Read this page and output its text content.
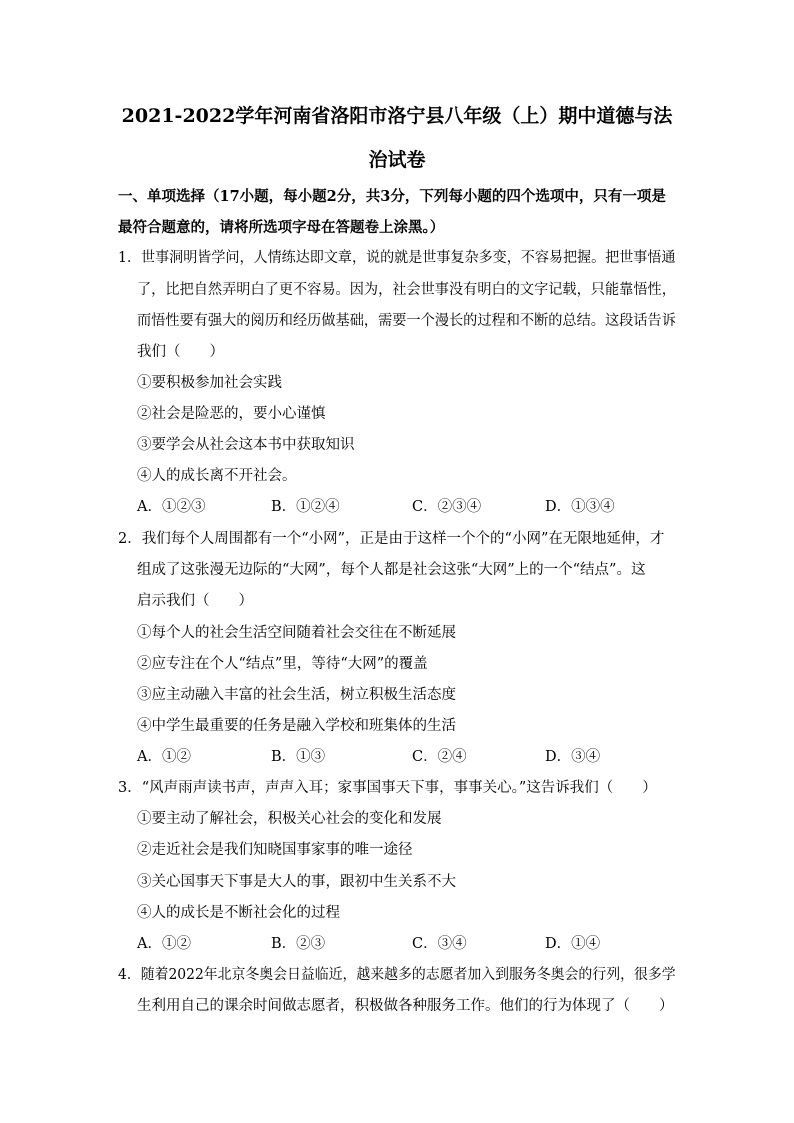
2021-2022学年河南省洛阳市洛宁县八年级（上）期中道德与法
治试卷
一、单项选择（17小题，每小题2分，共3分，下列每小题的四个选项中，只有一项是最符合题意的，请将所选项字母在答题卷上涂黑。）
1．世事洞明皆学问，人情练达即文章，说的就是世事复杂多变，不容易把握。把世事悟通
了，比把自然弄明白了更不容易。因为，社会世事没有明白的文字记载，只能靠悟性，
而悟性要有强大的阅历和经历做基础，需要一个漫长的过程和不断的总结。这段话告诉
我们（　　）
①要积极参加社会实践
②社会是险恶的，要小心谨慎
③要学会从社会这本书中获取知识
④人的成长离不开社会。
A．①②③	B．①②④	C．②③④	D．①③④
2．我们每个人周围都有一个“小网”，正是由于这样一个个的“小网”在无限地延伸，才
组成了这张漫无边际的“大网”，每个人都是社会这张“大网”上的一个“结点”。这
启示我们（　　）
①每个人的社会生活空间随着社会交往在不断延展
②应专注在个人“结点”里，等待“大网”的覆盖
③应主动融入丰富的社会生活，树立积极生活态度
④中学生最重要的任务是融入学校和班集体的生活
A．①②	B．①③	C．②④	D．③④
3．“风声雨声读书声，声声入耳；家事国事天下事，事事关心。”这告诉我们（　　）
①要主动了解社会，积极关心社会的变化和发展
②走近社会是我们知晓国事家事的唯一途径
③关心国事天下事是大人的事，跟初中生关系不大
④人的成长是不断社会化的过程
A．①②	B．②③	C．③④	D．①④
4．随着2022年北京冬奥会日益临近，越来越多的志愿者加入到服务冬奥会的行列，很多学
生利用自己的课余时间做志愿者，积极做各种服务工作。他们的行为体现了（　　）
